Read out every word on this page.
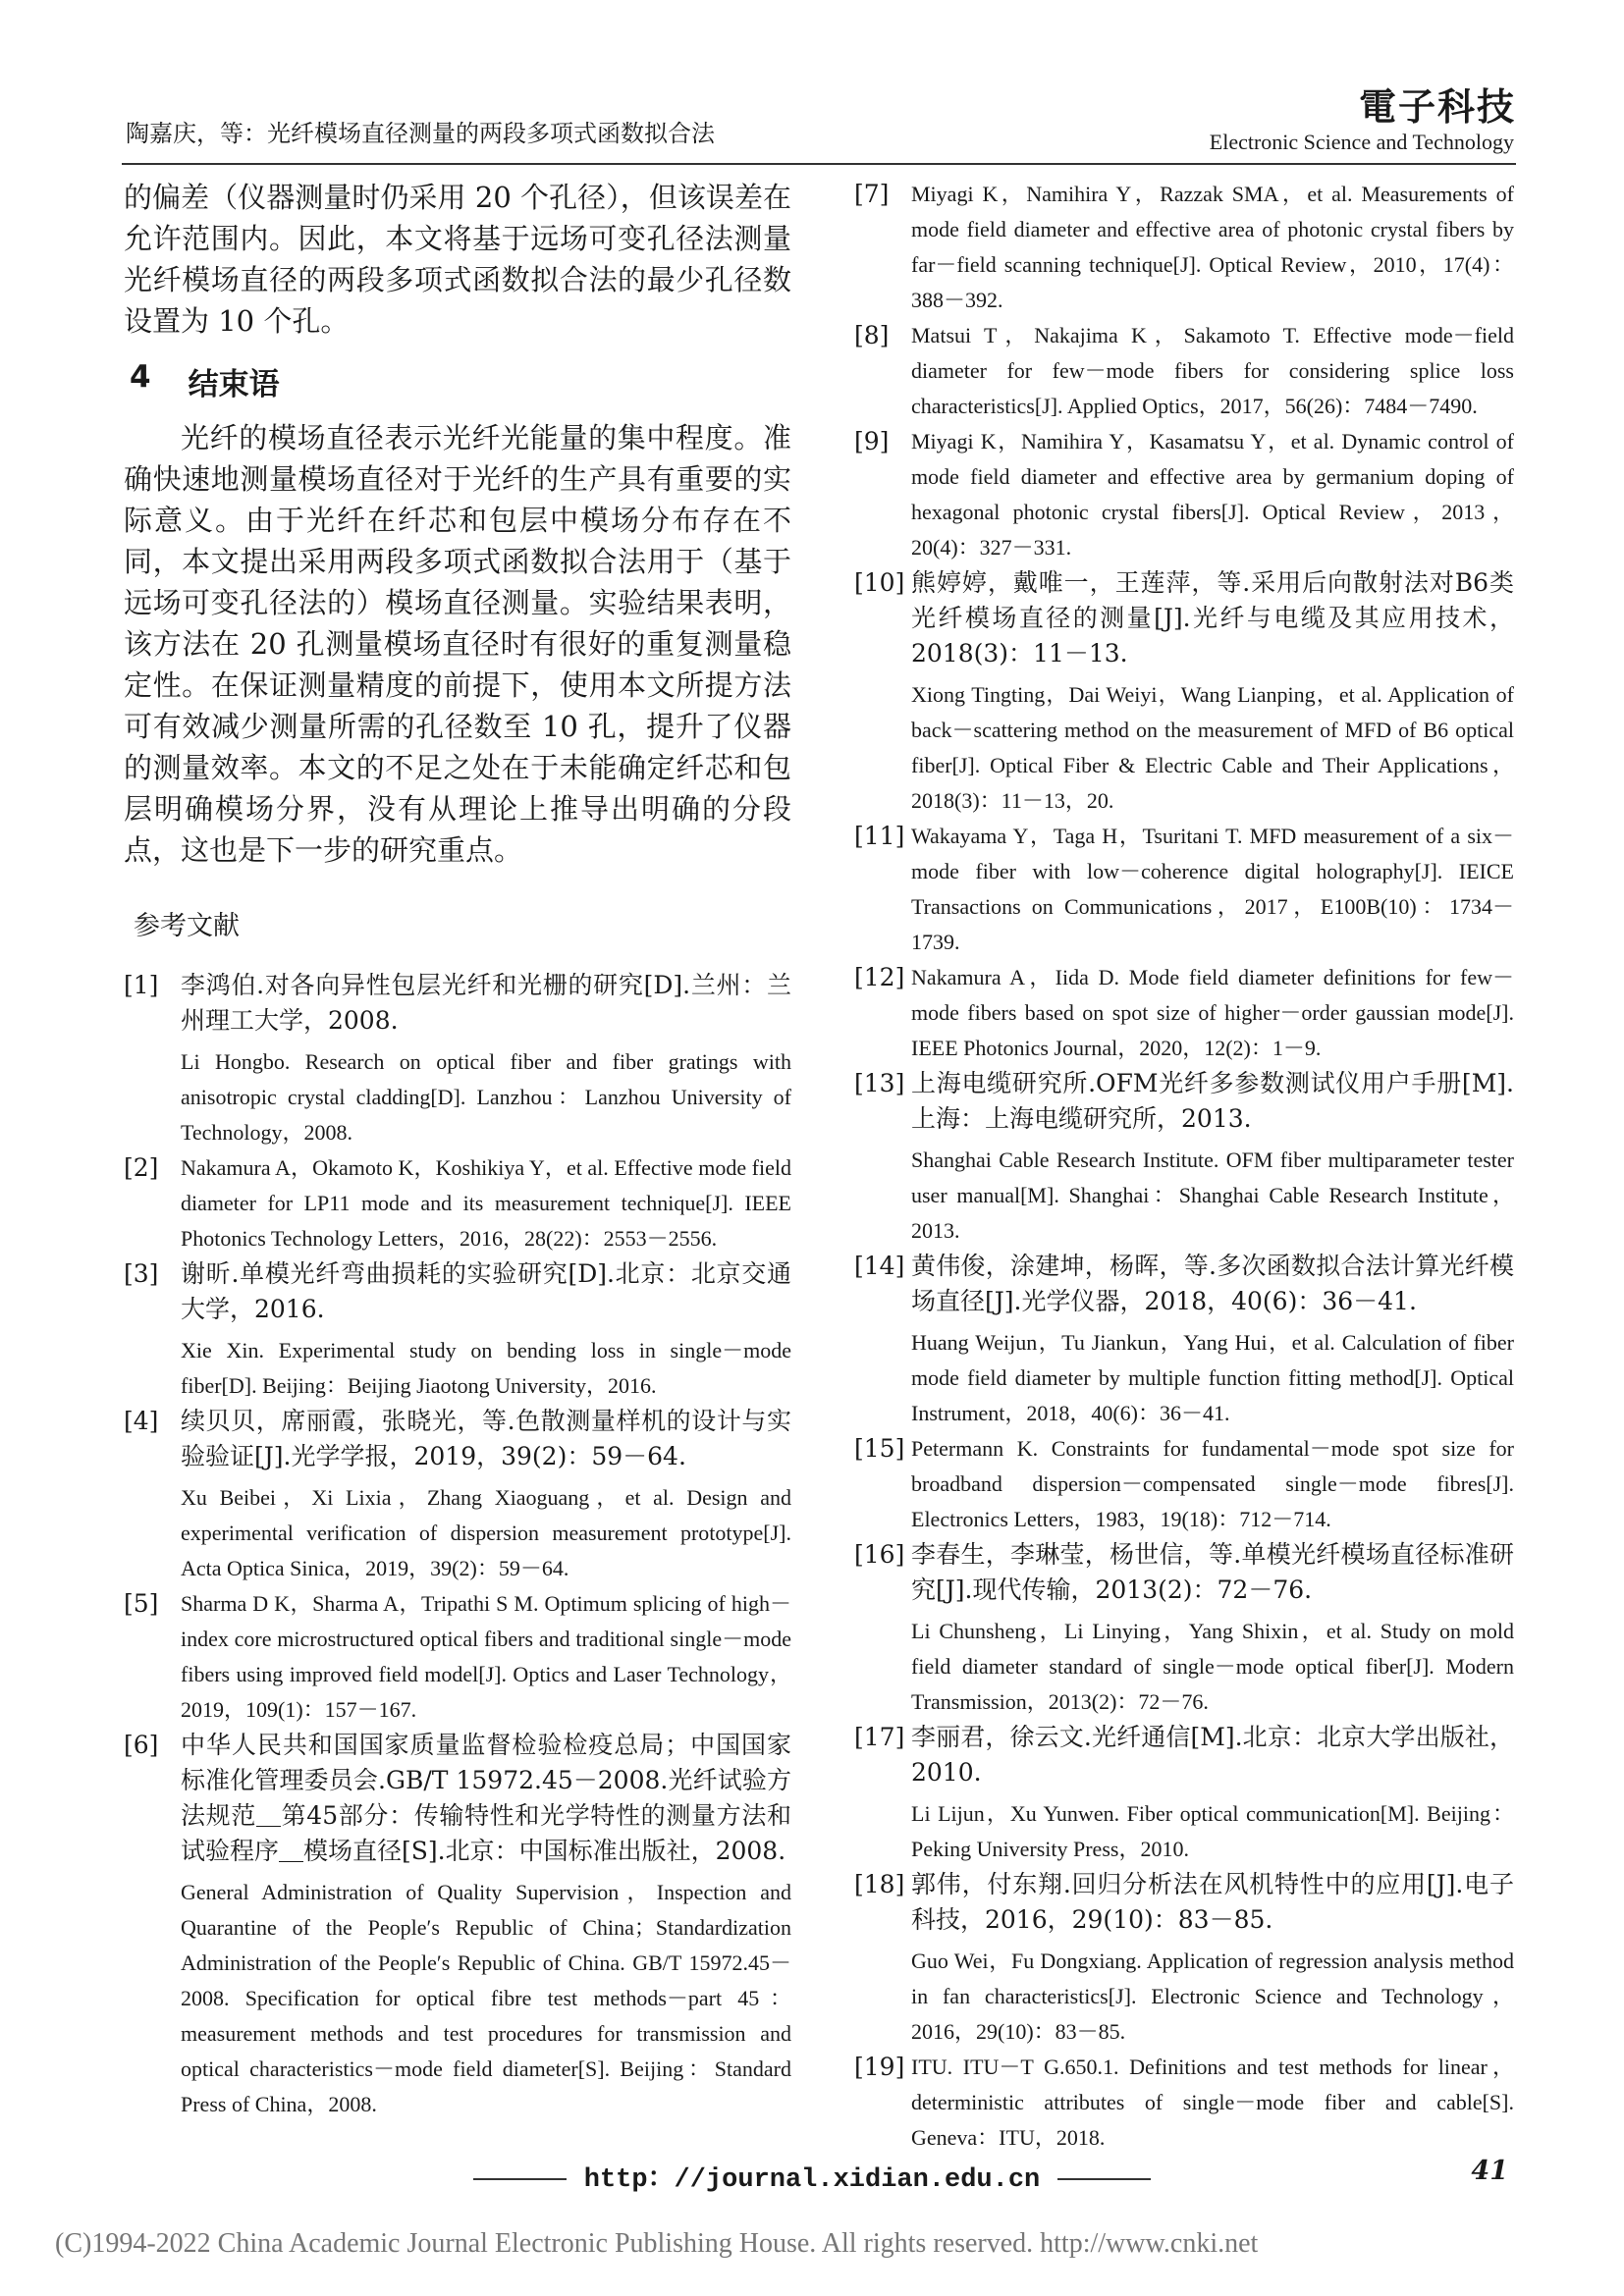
陶嘉庆，等：光纤模场直径测量的两段多项式函数拟合法
電子科技
Electronic Science and Technology

的偏差（仪器测量时仍采用 20 个孔径），但该误差在允许范围内。因此，本文将基于远场可变孔径法测量光纤模场直径的两段多项式函数拟合法的最少孔径数设置为 10 个孔。

4 结束语

光纤的模场直径表示光纤光能量的集中程度。准确快速地测量模场直径对于光纤的生产具有重要的实际意义。由于光纤在纤芯和包层中模场分布存在不同，本文提出采用两段多项式函数拟合法用于（基于远场可变孔径法的）模场直径测量。实验结果表明，该方法在 20 孔测量模场直径时有很好的重复测量稳定性。在保证测量精度的前提下，使用本文所提方法可有效减少测量所需的孔径数至 10 孔，提升了仪器的测量效率。本文的不足之处在于未能确定纤芯和包层明确模场分界，没有从理论上推导出明确的分段点，这也是下一步的研究重点。

参考文献
[1] 李鸿伯.对各向异性包层光纤和光栅的研究[D].兰州：兰州理工大学，2008.

Li Hongbo. Research on optical fiber and fiber gratings with anisotropic crystal cladding[D]. Lanzhou：Lanzhou University of Technology，2008.

[2]	Nakamura A，Okamoto K，Koshikiya Y，et al. Effective mode field diameter for LP11 mode and its measurement technique[J]. IEEE Photonics Technology Letters，2016，28(22)：2553－2556.

[3] 谢昕.单模光纤弯曲损耗的实验研究[D].北京：北京交通大学，2016.

Xie Xin. Experimental study on bending loss in single－mode fiber[D]. Beijing：Beijing Jiaotong University，2016.

[4] 续贝贝，席丽霞，张晓光，等.色散测量样机的设计与实验验证[J].光学学报，2019，39(2)：59－64.

Xu Beibei，Xi Lixia，Zhang Xiaoguang，et al. Design and experimental verification of dispersion measurement prototype[J]. Acta Optica Sinica，2019，39(2)：59－64.

[5]	Sharma D K，Sharma A，Tripathi S M. Optimum splicing of high－index core microstructured optical fibers and traditional single－mode fibers using improved field model[J]. Optics and Laser Technology，2019，109(1)：157－167.

[6] 中华人民共和国国家质量监督检验检疫总局；中国国家标准化管理委员会.GB/T 15972.45－2008.光纤试验方法规范＿第45部分：传输特性和光学特性的测量方法和试验程序＿模场直径[S].北京：中国标准出版社，2008.

General Administration of Quality Supervision，Inspection and Quarantine of the People′s Republic of China；Standardization Administration of the People′s Republic of China. GB/T 15972.45－2008. Specification for optical fibre test methods－part 45：measurement methods and test procedures for transmission and optical characteristics－mode field diameter[S]. Beijing：Standard Press of China，2008.

[7]	Miyagi K，Namihira Y，Razzak SMA，et al. Measurements of mode field diameter and effective area of photonic crystal fibers by far－field scanning technique[J]. Optical Review，2010，17(4)：388－392.

[8]	Matsui T，Nakajima K，Sakamoto T. Effective mode－field diameter for few－mode fibers for considering splice loss characteristics[J]. Applied Optics，2017，56(26)：7484－7490.

[9]	Miyagi K，Namihira Y，Kasamatsu Y，et al. Dynamic control of mode field diameter and effective area by germanium doping of hexagonal photonic crystal fibers[J]. Optical Review，2013，20(4)：327－331.

[10] 熊婷婷，戴唯一，王莲萍，等.采用后向散射法对B6类光纤模场直径的测量[J].光纤与电缆及其应用技术，2018(3)：11－13.

Xiong Tingting，Dai Weiyi，Wang Lianping，et al. Application of back－scattering method on the measurement of MFD of B6 optical fiber[J]. Optical Fiber & Electric Cable and Their Applications，2018(3)：11－13，20.

[11] Wakayama Y，Taga H，Tsuritani T. MFD measurement of a six－mode fiber with low－coherence digital holography[J]. IEICE Transactions on Communications，2017，E100B(10)：1734－1739.

[12] Nakamura A，Iida D. Mode field diameter definitions for few－mode fibers based on spot size of higher－order gaussian mode[J]. IEEE Photonics Journal，2020，12(2)：1－9.

[13] 上海电缆研究所.OFM光纤多参数测试仪用户手册[M].上海：上海电缆研究所，2013.

Shanghai Cable Research Institute. OFM fiber multiparameter tester user manual[M]. Shanghai：Shanghai Cable Research Institute，2013.

[14] 黄伟俊，涂建坤，杨晖，等.多次函数拟合法计算光纤模场直径[J].光学仪器，2018，40(6)：36－41.

Huang Weijun，Tu Jiankun，Yang Hui，et al. Calculation of fiber mode field diameter by multiple function fitting method[J]. Optical Instrument，2018，40(6)：36－41.

[15] Petermann K. Constraints for fundamental－mode spot size for broadband dispersion－compensated single－mode fibres[J]. Electronics Letters，1983，19(18)：712－714.

[16] 李春生，李琳莹，杨世信，等.单模光纤模场直径标准研究[J].现代传输，2013(2)：72－76.

Li Chunsheng，Li Linying，Yang Shixin，et al. Study on mold field diameter standard of single－mode optical fiber[J]. Modern Transmission，2013(2)：72－76.

[17] 李丽君，徐云文.光纤通信[M].北京：北京大学出版社，2010.

Li Lijun，Xu Yunwen. Fiber optical communication[M]. Beijing：Peking University Press，2010.

[18] 郭伟，付东翔.回归分析法在风机特性中的应用[J].电子科技，2016，29(10)：83－85.

Guo Wei，Fu Dongxiang. Application of regression analysis method in fan characteristics[J]. Electronic Science and Technology，2016，29(10)：83－85.

[19] ITU. ITU－T G.650.1. Definitions and test methods for linear，deterministic attributes of single－mode fiber and cable[S]. Geneva：ITU，2018.

http：//journal.xidian.edu.cn	41
(C)1994-2022 China Academic Journal Electronic Publishing House. All rights reserved. http://www.cnki.net
